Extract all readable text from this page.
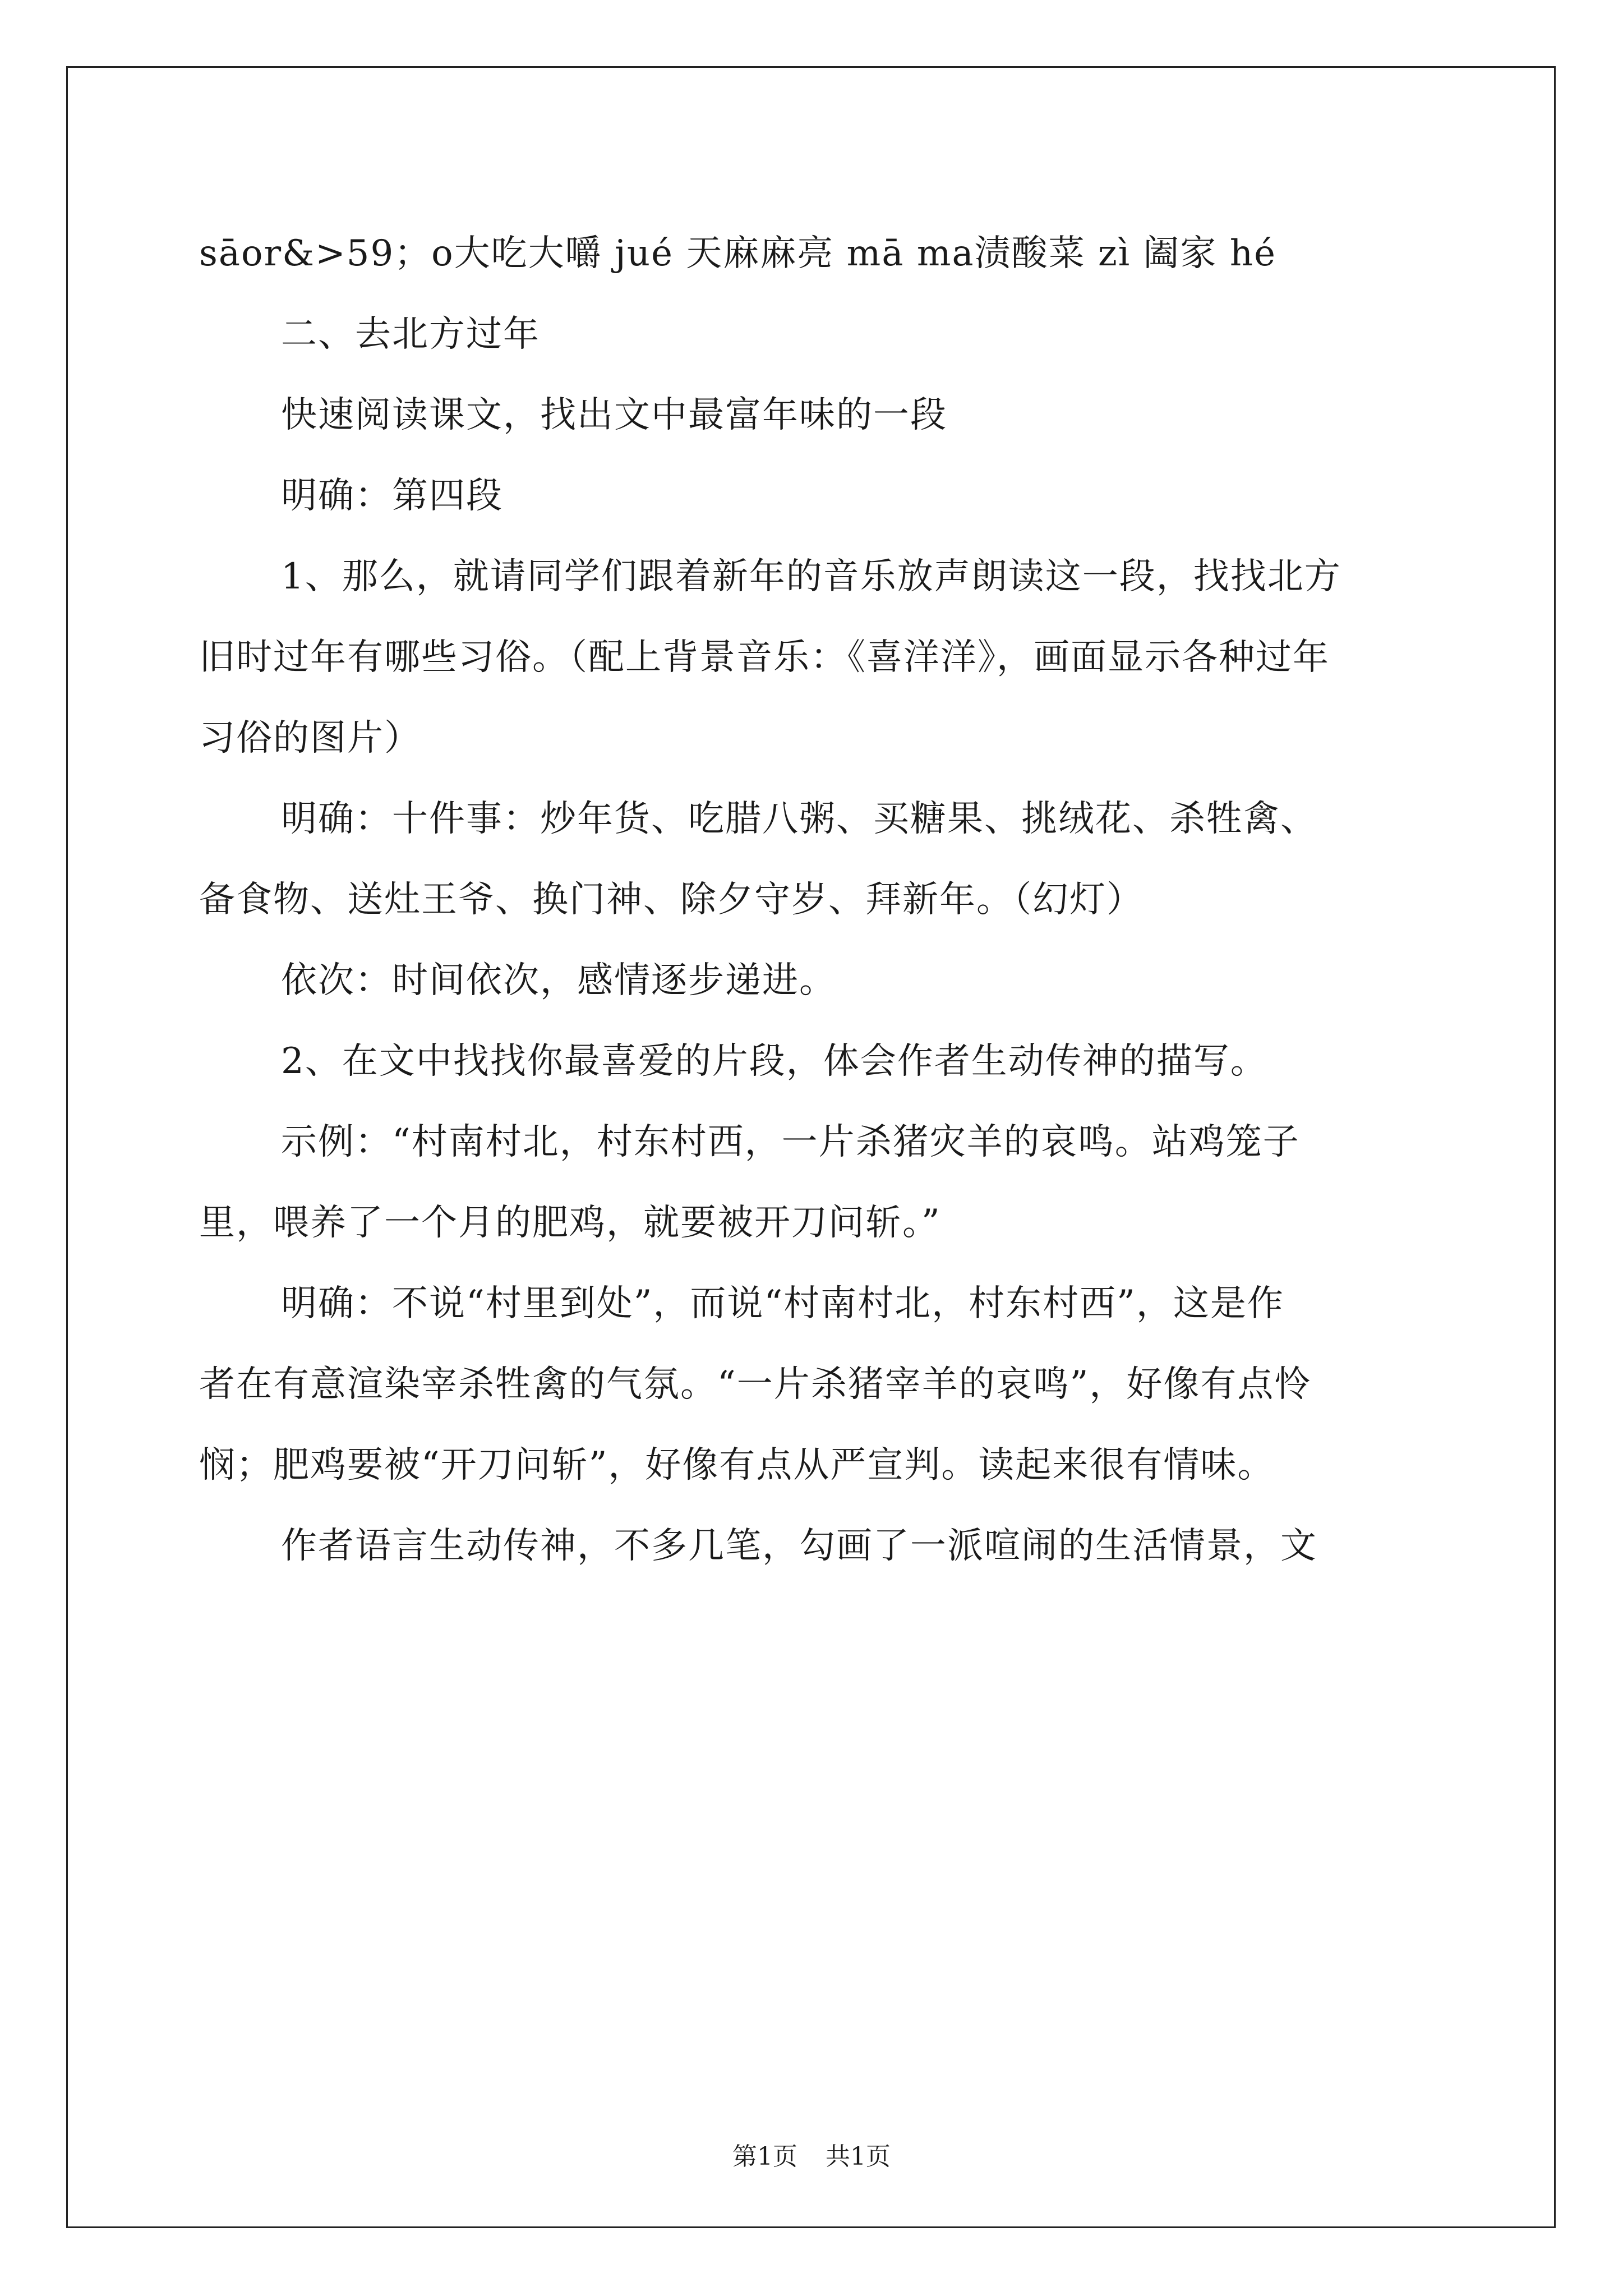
sāor&>59；o大吃大嚼 jué 天麻麻亮 mā ma渍酸菜 zì 阖家 hé

二、去北方过年

快速阅读课文，找出文中最富年味的一段

明确：第四段

1、那么，就请同学们跟着新年的音乐放声朗读这一段，找找北方
旧时过年有哪些习俗。（配上背景音乐：《喜洋洋》，画面显示各种过年
习俗的图片）

明确：十件事：炒年货、吃腊八粥、买糖果、挑绒花、杀牲禽、
备食物、送灶王爷、换门神、除夕守岁、拜新年。（幻灯）

依次：时间依次，感情逐步递进。

2、在文中找找你最喜爱的片段，体会作者生动传神的描写。

示例：“村南村北，村东村西，一片杀猪灾羊的哀鸣。站鸡笼子
里，喂养了一个月的肥鸡，就要被开刀问斩。”

明确：不说“村里到处”，而说“村南村北，村东村西”，这是作
者在有意渲染宰杀牲禽的气氛。“一片杀猪宰羊的哀鸣”，好像有点怜
悯；肥鸡要被“开刀问斩”，好像有点从严宣判。读起来很有情味。

作者语言生动传神，不多几笔，勾画了一派喧闹的生活情景，文

第1页 共1页
